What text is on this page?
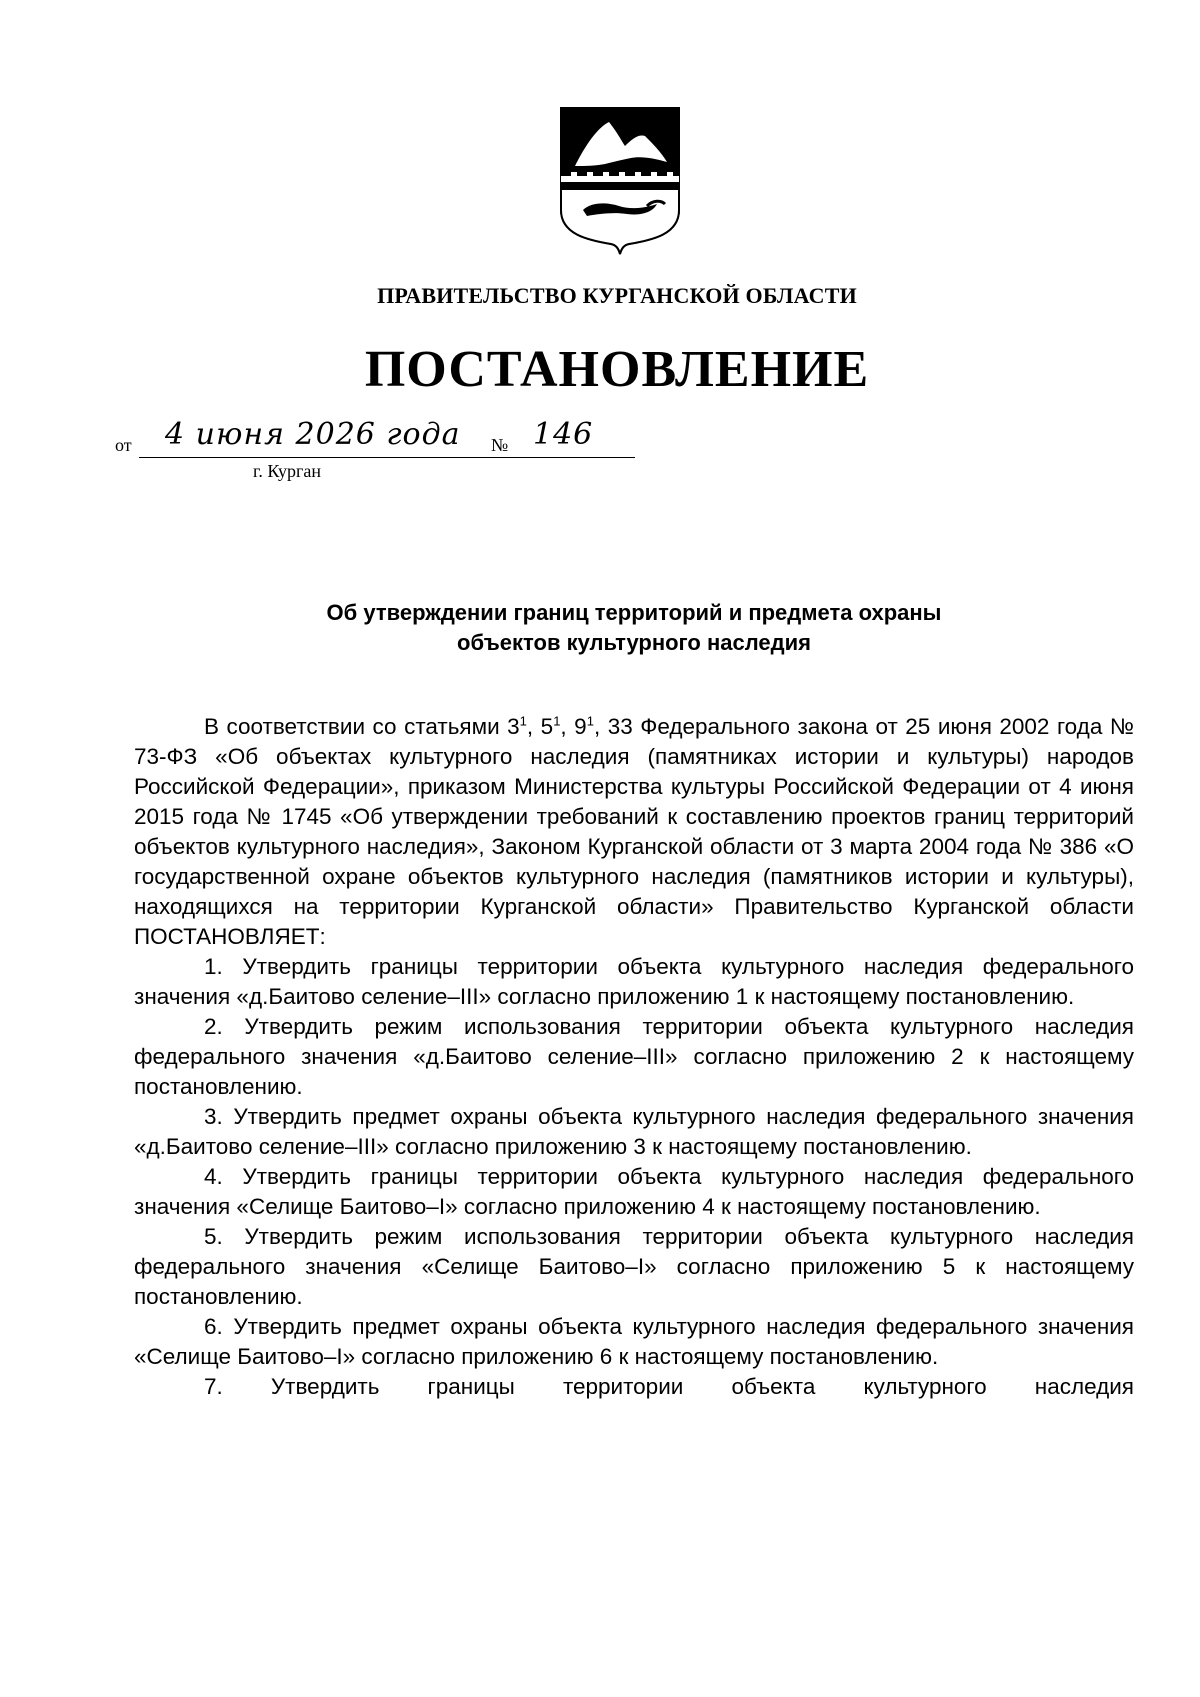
ПРАВИТЕЛЬСТВО КУРГАНСКОЙ ОБЛАСТИ
ПОСТАНОВЛЕНИЕ
от 4 июня 2026 года № 146
г. Курган
Об утверждении границ территорий и предмета охраны
объектов культурного наследия

В соответствии со статьями $3^1$, $5^1$, $9^1$, 33 Федерального закона от 25 июня 2002 года № 73-ФЗ «Об объектах культурного наследия (памятниках истории и культуры) народов Российской Федерации», приказом Министерства культуры Российской Федерации от 4 июня 2015 года № 1745 «Об утверждении требований к составлению проектов границ территорий объектов культурного наследия», Законом Курганской области от 3 марта 2004 года № 386 «О государственной охране объектов культурного наследия (памятников истории и культуры), находящихся на территории Курганской области» Правительство Курганской области ПОСТАНОВЛЯЕТ:

1. Утвердить границы территории объекта культурного наследия федерального значения «д.Баитово селение–III» согласно приложению 1 к настоящему постановлению.

2. Утвердить режим использования территории объекта культурного наследия федерального значения «д.Баитово селение–III» согласно приложению 2 к настоящему постановлению.

3. Утвердить предмет охраны объекта культурного наследия федерального значения «д.Баитово селение–III» согласно приложению 3 к настоящему постановлению.

4. Утвердить границы территории объекта культурного наследия федерального значения «Селище Баитово–I» согласно приложению 4 к настоящему постановлению.

5. Утвердить режим использования территории объекта культурного наследия федерального значения «Селище Баитово–I» согласно приложению 5 к настоящему постановлению.

6. Утвердить предмет охраны объекта культурного наследия федерального значения «Селище Баитово–I» согласно приложению 6 к настоящему постановлению.

7. Утвердить границы территории объекта культурного наследия
